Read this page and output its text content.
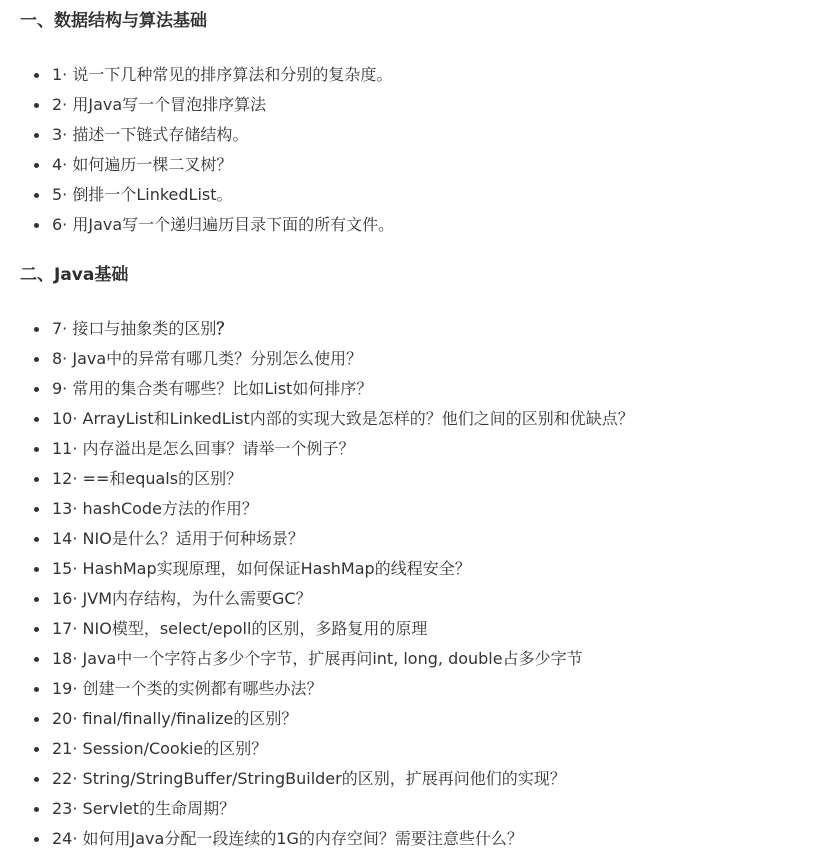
一、数据结构与算法基础
1· 说一下几种常见的排序算法和分别的复杂度。
2· 用Java写一个冒泡排序算法
3· 描述一下链式存储结构。
4· 如何遍历一棵二叉树？
5· 倒排一个LinkedList。
6· 用Java写一个递归遍历目录下面的所有文件。
二、Java基础
7· 接口与抽象类的区别？
8· Java中的异常有哪几类？分别怎么使用？
9· 常用的集合类有哪些？比如List如何排序？
10· ArrayList和LinkedList内部的实现大致是怎样的？他们之间的区别和优缺点？
11· 内存溢出是怎么回事？请举一个例子？
12· ==和equals的区别？
13· hashCode方法的作用？
14· NIO是什么？适用于何种场景？
15· HashMap实现原理，如何保证HashMap的线程安全？
16· JVM内存结构，为什么需要GC？
17· NIO模型，select/epoll的区别，多路复用的原理
18· Java中一个字符占多少个字节，扩展再问int, long, double占多少字节
19· 创建一个类的实例都有哪些办法？
20· final/finally/finalize的区别？
21· Session/Cookie的区别？
22· String/StringBuffer/StringBuilder的区别，扩展再问他们的实现？
23· Servlet的生命周期？
24· 如何用Java分配一段连续的1G的内存空间？需要注意些什么？
